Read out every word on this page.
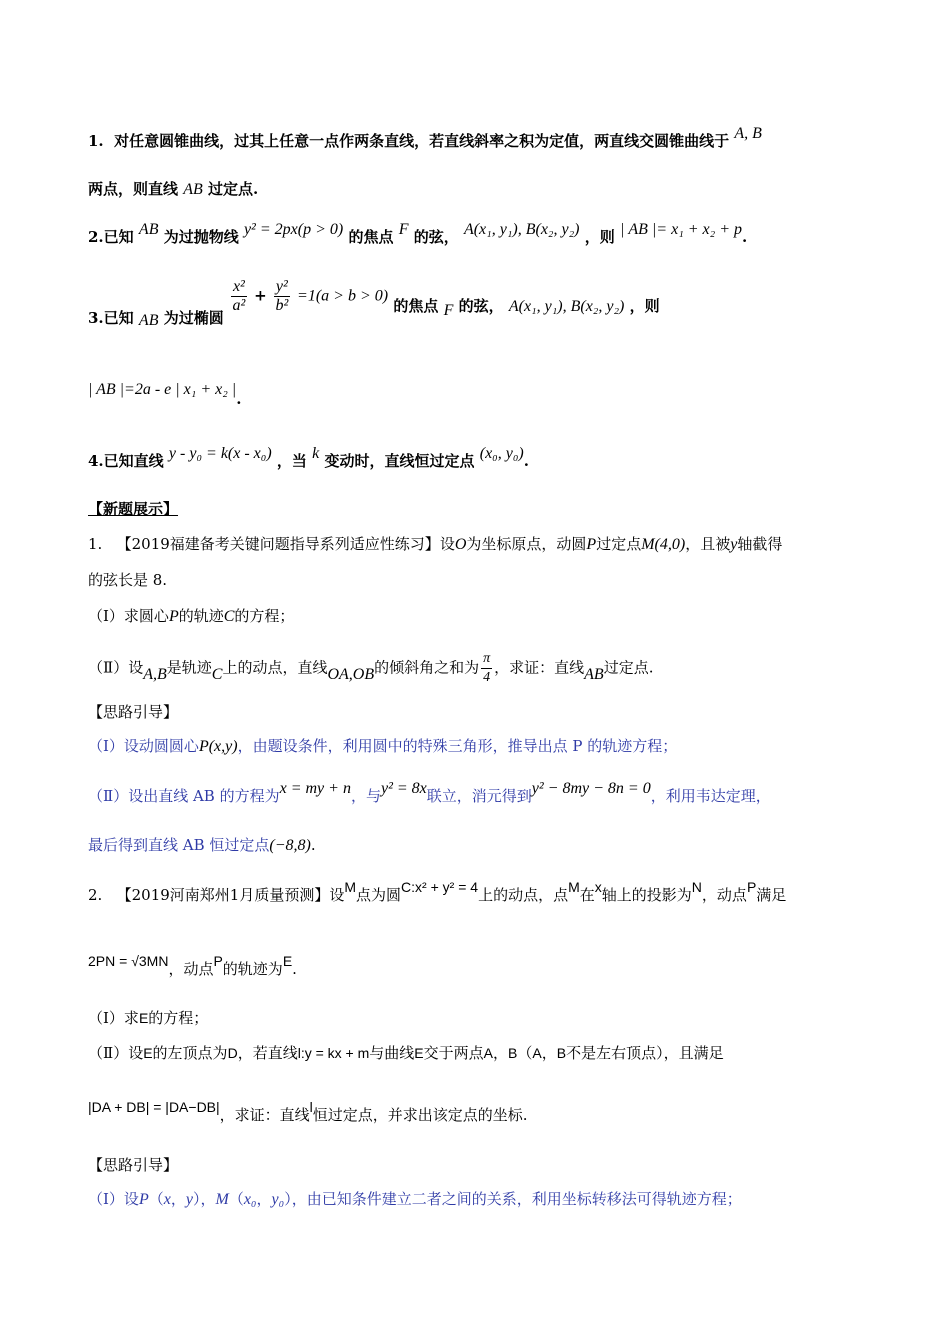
1. 对任意圆锥曲线，过其上任意一点作两条直线，若直线斜率之积为定值，两直线交圆锥曲线于 A, B
两点，则直线 AB 过定点.
2.已知 AB 为过抛物线 y² = 2px(p > 0) 的焦点 F 的弦， A(x₁, y₁), B(x₂, y₂) ，则 | AB |= x₁ + x₂ + p.
3.已知 AB 为过椭圆
$\frac{\text{x²}}{\text{a²}} + \frac{\text{y²}}{\text{b²}} =1(a > b > 0)$ 的焦点 F 的弦， A(x₁, y₁), B(x₂, y₂) ，则
| AB |=2a - e | x₁ + x₂ |.
4.已知直线 y - y₀ = k(x - x₀) ，当 k 变动时，直线恒过定点 (x₀, y₀).
【新题展示】
1. 【2019福建备考关键问题指导系列适应性练习】设O为坐标原点，动圆P过定点M(4,0)，且被y轴截得
的弦长是 8.
（Ⅰ）求圆心P的轨迹C的方程；
（Ⅱ）设A,B是轨迹C上的动点，直线OA,OB的倾斜角之和为 $\frac{\pi}{4}$ ，求证：直线AB过定点.
【思路引导】
（Ⅰ）设动圆圆心P(x,y)，由题设条件，利用圆中的特殊三角形，推导出点 P 的轨迹方程；
（Ⅱ）设出直线 AB 的方程为x = my + n，与y² = 8x联立，消元得到y² − 8my − 8n = 0，利用韦达定理，
最后得到直线 AB 恒过定点(−8,8).
2. 【2019河南郑州1月质量预测】设M点为圆C:x² + y² = 4上的动点，点M在x轴上的投影为N，动点P满足
2PN = √3MN，动点P的轨迹为E.
（Ⅰ）求E的方程；
（Ⅱ）设E的左顶点为D，若直线l:y = kx + m与曲线E交于两点A，B（A，B不是左右顶点），且满足
|DA + DB| = |DA−DB|，求证：直线l恒过定点，并求出该定点的坐标.
【思路引导】
（Ⅰ）设P（x，y），M（x₀，y₀），由已知条件建立二者之间的关系，利用坐标转移法可得轨迹方程；
